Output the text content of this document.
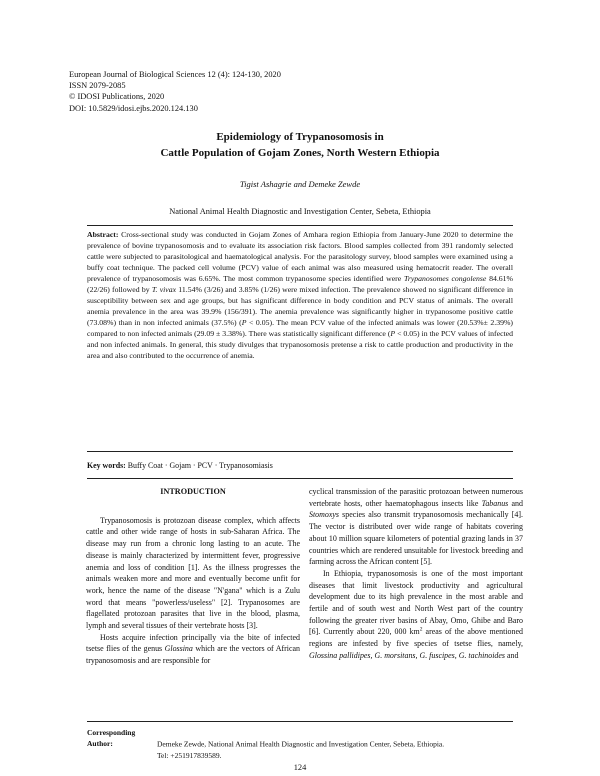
European Journal of Biological Sciences 12 (4): 124-130, 2020
ISSN 2079-2085
© IDOSI Publications, 2020
DOI: 10.5829/idosi.ejbs.2020.124.130
Epidemiology of Trypanosomosis in
Cattle Population of Gojam Zones, North Western Ethiopia
Tigist Ashagrie and Demeke Zewde
National Animal Health Diagnostic and Investigation Center, Sebeta, Ethiopia
Abstract: Cross-sectional study was conducted in Gojam Zones of Amhara region Ethiopia from January-June 2020 to determine the prevalence of bovine trypanosomosis and to evaluate its association risk factors. Blood samples collected from 391 randomly selected cattle were subjected to parasitological and haematological analysis. For the parasitology survey, blood samples were examined using a buffy coat technique. The packed cell volume (PCV) value of each animal was also measured using hematocrit reader. The overall prevalence of trypanosomosis was 6.65%. The most common trypanosome species identified were Trypanosomes congolense 84.61% (22/26) followed by T. vivax 11.54% (3/26) and 3.85% (1/26) were mixed infection. The prevalence showed no significant difference in susceptibility between sex and age groups, but has significant difference in body condition and PCV status of animals. The overall anemia prevalence in the area was 39.9% (156/391). The anemia prevalence was significantly higher in trypanosome positive cattle (73.08%) than in non infected animals (37.5%) (P < 0.05). The mean PCV value of the infected animals was lower (20.53%± 2.39%) compared to non infected animals (29.09 ± 3.38%). There was statistically significant difference (P < 0.05) in the PCV values of infected and non infected animals. In general, this study divulges that trypanosomosis pretense a risk to cattle production and productivity in the area and also contributed to the occurrence of anemia.
Key words: Buffy Coat · Gojam · PCV · Trypanosomiasis

INTRODUCTION

Trypanosomosis is protozoan disease complex, which affects cattle and other wide range of hosts in sub-Saharan Africa. The disease may run from a chronic long lasting to an acute. The disease is mainly characterized by intermittent fever, progressive anemia and loss of condition [1]. As the illness progresses the animals weaken more and more and eventually become unfit for work, hence the name of the disease "N'gana" which is a Zulu word that means "powerless/useless" [2]. Trypanosomes are flagellated protozoan parasites that live in the blood, plasma, lymph and several tissues of their vertebrate hosts [3].

Hosts acquire infection principally via the bite of infected tsetse flies of the genus Glossina which are the vectors of African trypanosomosis and are responsible for

cyclical transmission of the parasitic protozoan between numerous vertebrate hosts, other haematophagous insects like Tabanus and Stomoxys species also transmit trypanosomosis mechanically [4]. The vector is distributed over wide range of habitats covering about 10 million square kilometers of potential grazing lands in 37 countries which are rendered unsuitable for livestock breeding and farming across the African content [5].

In Ethiopia, trypanosomosis is one of the most important diseases that limit livestock productivity and agricultural development due to its high prevalence in the most arable and fertile and of south west and North West part of the country following the greater river basins of Abay, Omo, Ghibe and Baro [6]. Currently about 220, 000 $km^2$ areas of the above mentioned regions are infested by five species of tsetse flies, namely, Glossina pallidipes, G. morsitans, G. fuscipes, G. tachinoides and

Corresponding Author:	Demeke Zewde, National Animal Health Diagnostic and Investigation Center, Sebeta, Ethiopia.
Tel: +251917839589.
124
